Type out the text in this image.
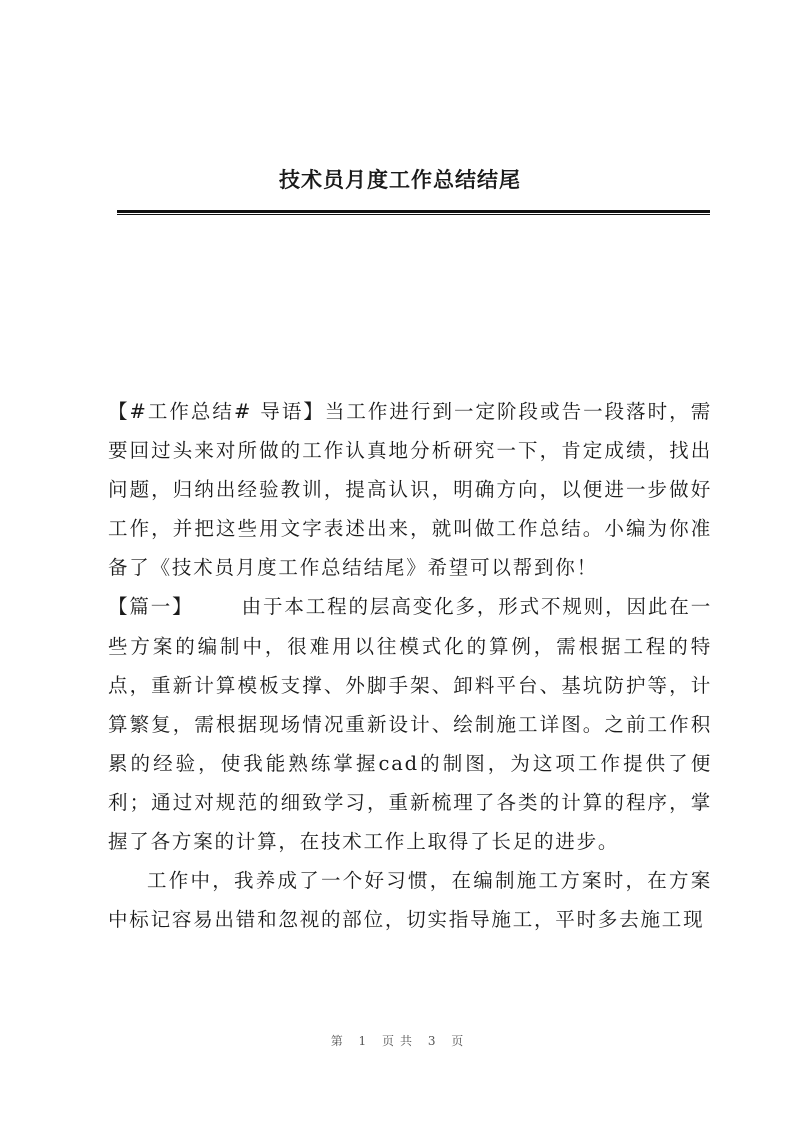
技术员月度工作总结结尾

【#工作总结# 导语】当工作进行到一定阶段或告一段落时，需要回过头来对所做的工作认真地分析研究一下，肯定成绩，找出问题，归纳出经验教训，提高认识，明确方向，以便进一步做好工作，并把这些用文字表述出来，就叫做工作总结。小编为你准备了《技术员月度工作总结结尾》希望可以帮到你！

【篇一】 由于本工程的层高变化多，形式不规则，因此在一些方案的编制中，很难用以往模式化的算例，需根据工程的特点，重新计算模板支撑、外脚手架、卸料平台、基坑防护等，计算繁复，需根据现场情况重新设计、绘制施工详图。之前工作积累的经验，使我能熟练掌握cad的制图，为这项工作提供了便利；通过对规范的细致学习，重新梳理了各类的计算的程序，掌握了各方案的计算，在技术工作上取得了长足的进步。

工作中，我养成了一个好习惯，在编制施工方案时，在方案中标记容易出错和忽视的部位，切实指导施工，平时多去施工现

第 1 页共 3 页
